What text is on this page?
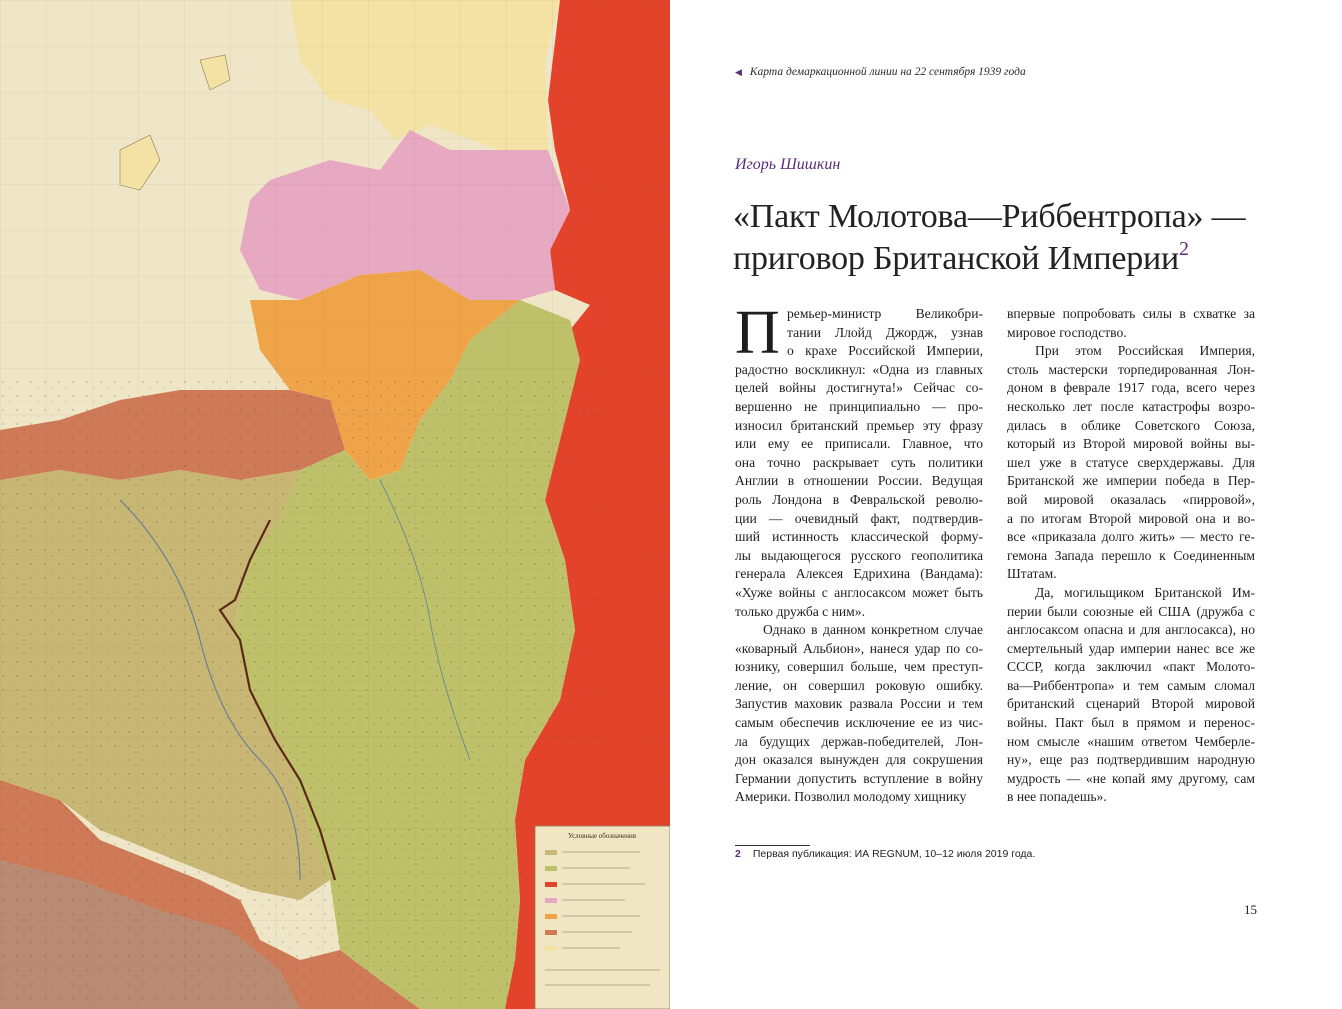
Условные обозначения
◀ Карта демаркационной линии на 22 сентября 1939 года
Игорь Шишкин
«Пакт Молотова—Риббентропа» —
приговор Британской Империи$^2$
П ремьер-министр Великобри-
тании Ллойд Джордж, узнав
о крахе Российской Империи,
радостно воскликнул: «Одна из главных
целей войны достигнута!» Сейчас со-
вершенно не принципиально — про-
износил британский премьер эту фразу
или ему ее приписали. Главное, что
она точно раскрывает суть политики
Англии в отношении России. Ведущая
роль Лондона в Февральской револю-
ции — очевидный факт, подтвердив-
ший истинность классической форму-
лы выдающегося русского геополитика
генерала Алексея Едрихина (Вандама):
«Хуже войны с англосаксом может быть
только дружба с ним».
Однако в данном конкретном случае
«коварный Альбион», нанеся удар по со-
юзнику, совершил больше, чем преступ-
ление, он совершил роковую ошибку.
Запустив маховик развала России и тем
самым обеспечив исключение ее из чис-
ла будущих держав-победителей, Лон-
дон оказался вынужден для сокрушения
Германии допустить вступление в войну
Америки. Позволил молодому хищнику
впервые попробовать силы в схватке за
мировое господство.
При этом Российская Империя,
столь мастерски торпедированная Лон-
доном в феврале 1917 года, всего через
несколько лет после катастрофы возро-
дилась в облике Советского Союза,
который из Второй мировой войны вы-
шел уже в статусе сверхдержавы. Для
Британской же империи победа в Пер-
вой мировой оказалась «пирровой»,
а по итогам Второй мировой она и во-
все «приказала долго жить» — место ге-
гемона Запада перешло к Соединенным
Штатам.
Да, могильщиком Британской Им-
перии были союзные ей США (дружба с
англосаксом опасна и для англосакса), но
смертельный удар империи нанес все же
СССР, когда заключил «пакт Молото-
ва—Риббентропа» и тем самым сломал
британский сценарий Второй мировой
войны. Пакт был в прямом и перенос-
ном смысле «нашим ответом Чемберле-
ну», еще раз подтвердившим народную
мудрость — «не копай яму другому, сам
в нее попадешь».
2 Первая публикация: ИА REGNUM, 10–12 июля 2019 года.
15
